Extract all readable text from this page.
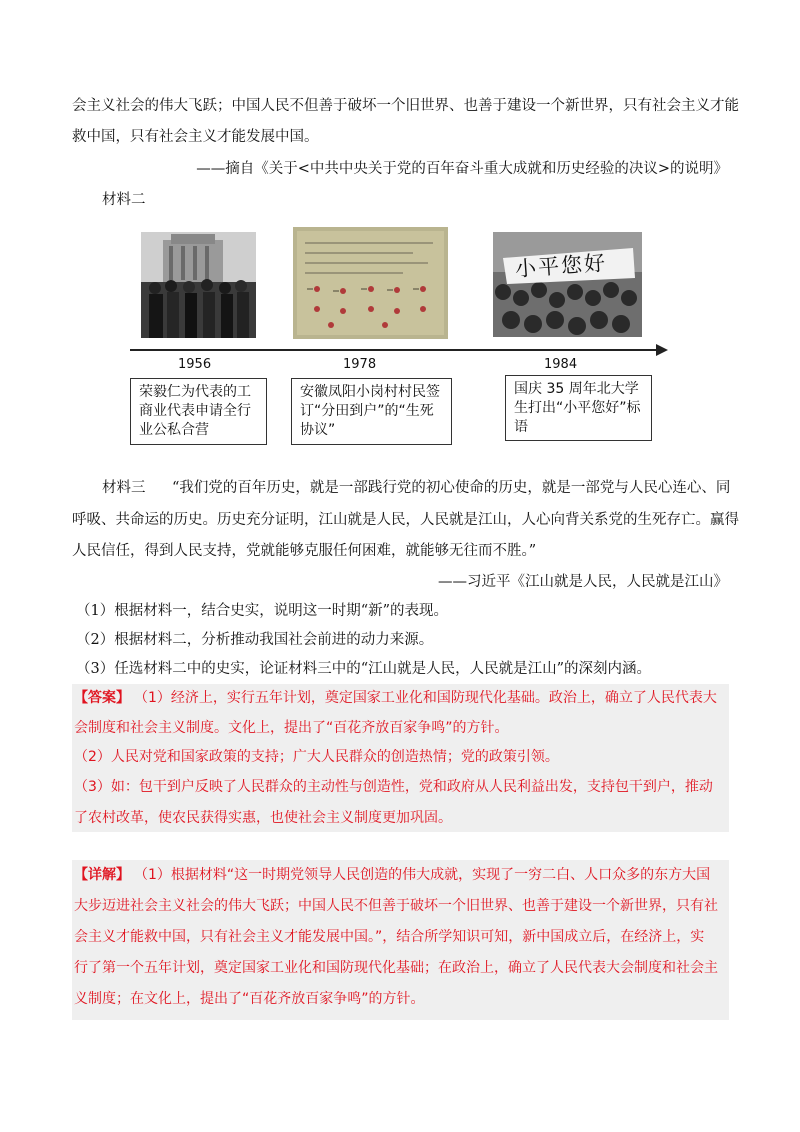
会主义社会的伟大飞跃；中国人民不但善于破坏一个旧世界、也善于建设一个新世界，只有社会主义才能
救中国，只有社会主义才能发展中国。
——摘自《关于<中共中央关于党的百年奋斗重大成就和历史经验的决议>的说明》
材料二
小平您好
1956	1978	1984
荣毅仁为代表的工商业代表申请全行业公私合营
安徽凤阳小岗村村民签订“分田到户”的“生死协议”
国庆 35 周年北大学生打出“小平您好”标语
材料三 “我们党的百年历史，就是一部践行党的初心使命的历史，就是一部党与人民心连心、同
呼吸、共命运的历史。历史充分证明，江山就是人民，人民就是江山，人心向背关系党的生死存亡。赢得
人民信任，得到人民支持，党就能够克服任何困难，就能够无往而不胜。”
——习近平《江山就是人民，人民就是江山》
（1）根据材料一，结合史实，说明这一时期“新”的表现。
（2）根据材料二，分析推动我国社会前进的动力来源。
（3）任选材料二中的史实，论证材料三中的“江山就是人民，人民就是江山”的深刻内涵。
【答案】 （1）经济上，实行五年计划，奠定国家工业化和国防现代化基础。政治上，确立了人民代表大
会制度和社会主义制度。文化上，提出了“百花齐放百家争鸣”的方针。
（2）人民对党和国家政策的支持；广大人民群众的创造热情；党的政策引领。
（3）如：包干到户反映了人民群众的主动性与创造性，党和政府从人民利益出发，支持包干到户，推动
了农村改革，使农民获得实惠，也使社会主义制度更加巩固。
【详解】 （1）根据材料“这一时期党领导人民创造的伟大成就，实现了一穷二白、人口众多的东方大国
大步迈进社会主义社会的伟大飞跃；中国人民不但善于破坏一个旧世界、也善于建设一个新世界，只有社
会主义才能救中国，只有社会主义才能发展中国。”，结合所学知识可知，新中国成立后，在经济上，实
行了第一个五年计划，奠定国家工业化和国防现代化基础；在政治上，确立了人民代表大会制度和社会主
义制度；在文化上，提出了“百花齐放百家争鸣”的方针。
